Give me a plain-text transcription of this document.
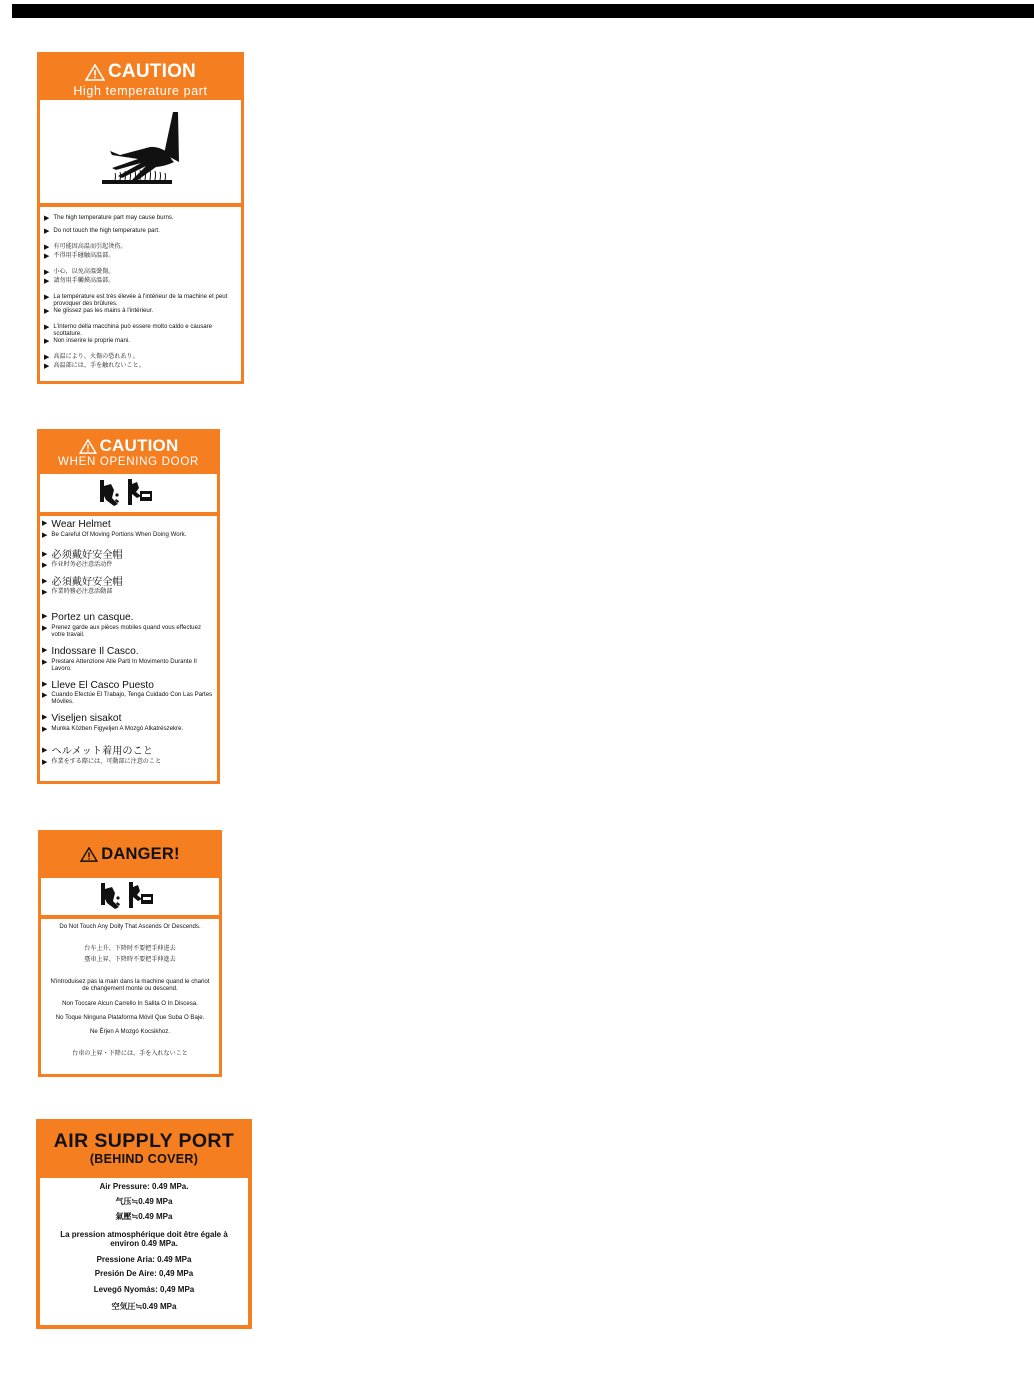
CAUTION
High temperature part
▶ The high temperature part may cause burns.
▶ Do not touch the high temperature part.
▶ 有可能因高温而引起烫伤。
▶ 不得用手碰触高温部。
▶ 小心，以免高溫燙傷。
▶ 請勿用手觸摸高溫部。
▶ La température est très élevée à l'intérieur de la machine et peut provoquer des brûlures.
▶ Ne glissez pas les mains à l'intérieur.
▶ L'interno della macchina può essere molto caldo e causare scottature.
▶ Non inserire le proprie mani.
▶ 高温により、火傷の恐れあり。
▶ 高温部には、手を触れないこと。
CAUTION
WHEN OPENING DOOR
▶ Wear Helmet
▶ Be Careful Of Moving Portions When Doing Work.
▶ 必须戴好安全帽
▶ 作业时务必注意活动件
▶ 必須戴好安全帽
▶ 作業時務必注意活動部
▶ Portez un casque.
▶ Prenez garde aux pièces mobiles quand vous effectuez votre travail.
▶ Indossare Il Casco.
▶ Prestare Attenzione Alle Parti In Movimento Durante Il Lavoro.
▶ Lleve El Casco Puesto
▶ Cuando Efectúe El Trabajo, Tenga Cuidado Con Las Partes Móviles.
▶ Viseljen sisakot
▶ Munka Közben Figyeljen A Mozgó Alkatrészekre.
▶ ヘルメット着用のこと
▶ 作業をする際には、可動部に注意のこと
DANGER!
Do Not Touch Any Dolly That Ascends Or Descends.
台车上升、下降时不要把手伸进去
臺車上昇、下降時不要把手伸進去
N'introduisez pas la main dans la machine quand le chariot de changement monte ou descend.
Non Toccare Alcun Carrello In Salita O In Discesa.
No Toque Ninguna Plataforma Móvil Que Suba O Baje.
Ne Érjen A Mozgó Kocsikhoz.
台車の上昇・下降には、手を入れないこと
AIR SUPPLY PORT
(BEHIND COVER)
Air Pressure: 0.49 MPa.
气压≒0.49 MPa
氣壓≒0.49 MPa
La pression atmosphérique doit être égale à environ 0.49 MPa.
Pressione Aria: 0.49 MPa
Presión De Aire: 0,49 MPa
Levegő Nyomás: 0,49 MPa
空気圧≒0.49 MPa
